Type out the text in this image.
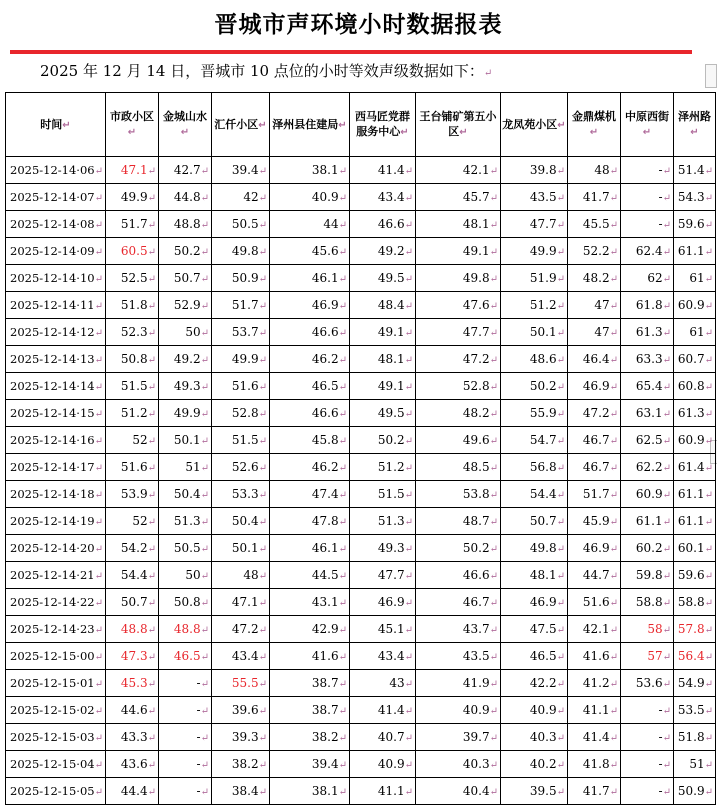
晋城市声环境小时数据报表
2025 年 12 月 14 日，晋城市 10 点位的小时等效声级数据如下：↵
时间↵	市政小区↵	金城山水↵	汇仟小区↵	泽州县住建局↵	西马匠党群服务中心↵	王台铺矿第五小区↵	龙凤苑小区↵	金鼎煤机↵	中原西街↵	泽州路↵
2025-12-14·06↵	47.1↵	42.7↵	39.4↵	38.1↵	41.4↵	42.1↵	39.8↵	48↵	-↵	51.4↵
2025-12-14·07↵	49.9↵	44.8↵	42↵	40.9↵	43.4↵	45.7↵	43.5↵	41.7↵	-↵	54.3↵
2025-12-14·08↵	51.7↵	48.8↵	50.5↵	44↵	46.6↵	48.1↵	47.7↵	45.5↵	-↵	59.6↵
2025-12-14·09↵	60.5↵	50.2↵	49.8↵	45.6↵	49.2↵	49.1↵	49.9↵	52.2↵	62.4↵	61.1↵
2025-12-14·10↵	52.5↵	50.7↵	50.9↵	46.1↵	49.5↵	49.8↵	51.9↵	48.2↵	62↵	61↵
2025-12-14·11↵	51.8↵	52.9↵	51.7↵	46.9↵	48.4↵	47.6↵	51.2↵	47↵	61.8↵	60.9↵
2025-12-14·12↵	52.3↵	50↵	53.7↵	46.6↵	49.1↵	47.7↵	50.1↵	47↵	61.3↵	61↵
2025-12-14·13↵	50.8↵	49.2↵	49.9↵	46.2↵	48.1↵	47.2↵	48.6↵	46.4↵	63.3↵	60.7↵
2025-12-14·14↵	51.5↵	49.3↵	51.6↵	46.5↵	49.1↵	52.8↵	50.2↵	46.9↵	65.4↵	60.8↵
2025-12-14·15↵	51.2↵	49.9↵	52.8↵	46.6↵	49.5↵	48.2↵	55.9↵	47.2↵	63.1↵	61.3↵
2025-12-14·16↵	52↵	50.1↵	51.5↵	45.8↵	50.2↵	49.6↵	54.7↵	46.7↵	62.5↵	60.9↵
2025-12-14·17↵	51.6↵	51↵	52.6↵	46.2↵	51.2↵	48.5↵	56.8↵	46.7↵	62.2↵	61.4↵
2025-12-14·18↵	53.9↵	50.4↵	53.3↵	47.4↵	51.5↵	53.8↵	54.4↵	51.7↵	60.9↵	61.1↵
2025-12-14·19↵	52↵	51.3↵	50.4↵	47.8↵	51.3↵	48.7↵	50.7↵	45.9↵	61.1↵	61.1↵
2025-12-14·20↵	54.2↵	50.5↵	50.1↵	46.1↵	49.3↵	50.2↵	49.8↵	46.9↵	60.2↵	60.1↵
2025-12-14·21↵	54.4↵	50↵	48↵	44.5↵	47.7↵	46.6↵	48.1↵	44.7↵	59.8↵	59.6↵
2025-12-14·22↵	50.7↵	50.8↵	47.1↵	43.1↵	46.9↵	46.7↵	46.9↵	51.6↵	58.8↵	58.8↵
2025-12-14·23↵	48.8↵	48.8↵	47.2↵	42.9↵	45.1↵	43.7↵	47.5↵	42.1↵	58↵	57.8↵
2025-12-15·00↵	47.3↵	46.5↵	43.4↵	41.6↵	43.4↵	43.5↵	46.5↵	41.6↵	57↵	56.4↵
2025-12-15·01↵	45.3↵	-↵	55.5↵	38.7↵	43↵	41.9↵	42.2↵	41.2↵	53.6↵	54.9↵
2025-12-15·02↵	44.6↵	-↵	39.6↵	38.7↵	41.4↵	40.9↵	40.9↵	41.1↵	-↵	53.5↵
2025-12-15·03↵	43.3↵	-↵	39.3↵	38.2↵	40.7↵	39.7↵	40.3↵	41.4↵	-↵	51.8↵
2025-12-15·04↵	43.6↵	-↵	38.2↵	39.4↵	40.9↵	40.3↵	40.2↵	41.8↵	-↵	51↵
2025-12-15·05↵	44.4↵	-↵	38.4↵	38.1↵	41.1↵	40.4↵	39.5↵	41.7↵	-↵	50.9↵
